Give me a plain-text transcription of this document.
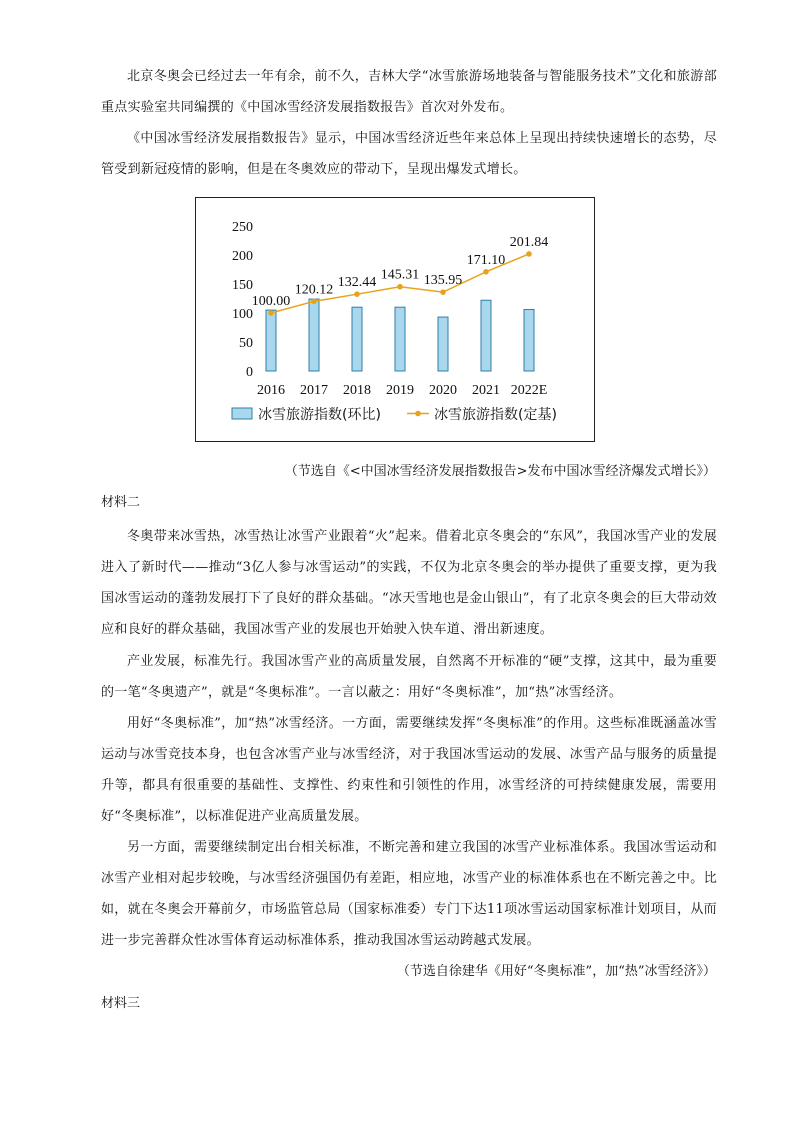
北京冬奥会已经过去一年有余，前不久，吉林大学“冰雪旅游场地装备与智能服务技术”文化和旅游部重点实验室共同编撰的《中国冰雪经济发展指数报告》首次对外发布。
《中国冰雪经济发展指数报告》显示，中国冰雪经济近些年来总体上呈现出持续快速增长的态势，尽管受到新冠疫情的影响，但是在冬奥效应的带动下，呈现出爆发式增长。
250
200
150
100
50
0
100.00
120.12 132.44 145.31 135.95
171.10
201.84
2016 2017 2018 2019 2020 2021 2022E
冰雪旅游指数(环比)	冰雪旅游指数(定基)
（节选自《<中国冰雪经济发展指数报告>发布中国冰雪经济爆发式增长》）
材料二
冬奥带来冰雪热，冰雪热让冰雪产业跟着“火”起来。借着北京冬奥会的“东风”，我国冰雪产业的发展进入了新时代——推动“3亿人参与冰雪运动”的实践，不仅为北京冬奥会的举办提供了重要支撑，更为我国冰雪运动的蓬勃发展打下了良好的群众基础。“冰天雪地也是金山银山”，有了北京冬奥会的巨大带动效应和良好的群众基础，我国冰雪产业的发展也开始驶入快车道、滑出新速度。
产业发展，标准先行。我国冰雪产业的高质量发展，自然离不开标准的“硬”支撑，这其中，最为重要的一笔“冬奥遗产”，就是“冬奥标准”。一言以蔽之：用好“冬奥标准”，加“热”冰雪经济。
用好“冬奥标准”，加“热”冰雪经济。一方面，需要继续发挥“冬奥标准”的作用。这些标准既涵盖冰雪运动与冰雪竞技本身，也包含冰雪产业与冰雪经济，对于我国冰雪运动的发展、冰雪产品与服务的质量提升等，都具有很重要的基础性、支撑性、约束性和引领性的作用，冰雪经济的可持续健康发展，需要用好“冬奥标准”，以标准促进产业高质量发展。
另一方面，需要继续制定出台相关标准，不断完善和建立我国的冰雪产业标准体系。我国冰雪运动和冰雪产业相对起步较晚，与冰雪经济强国仍有差距，相应地，冰雪产业的标准体系也在不断完善之中。比如，就在冬奥会开幕前夕，市场监管总局（国家标准委）专门下达11项冰雪运动国家标准计划项目，从而进一步完善群众性冰雪体育运动标准体系，推动我国冰雪运动跨越式发展。
（节选自徐建华《用好“冬奥标准”，加“热”冰雪经济》）
材料三
